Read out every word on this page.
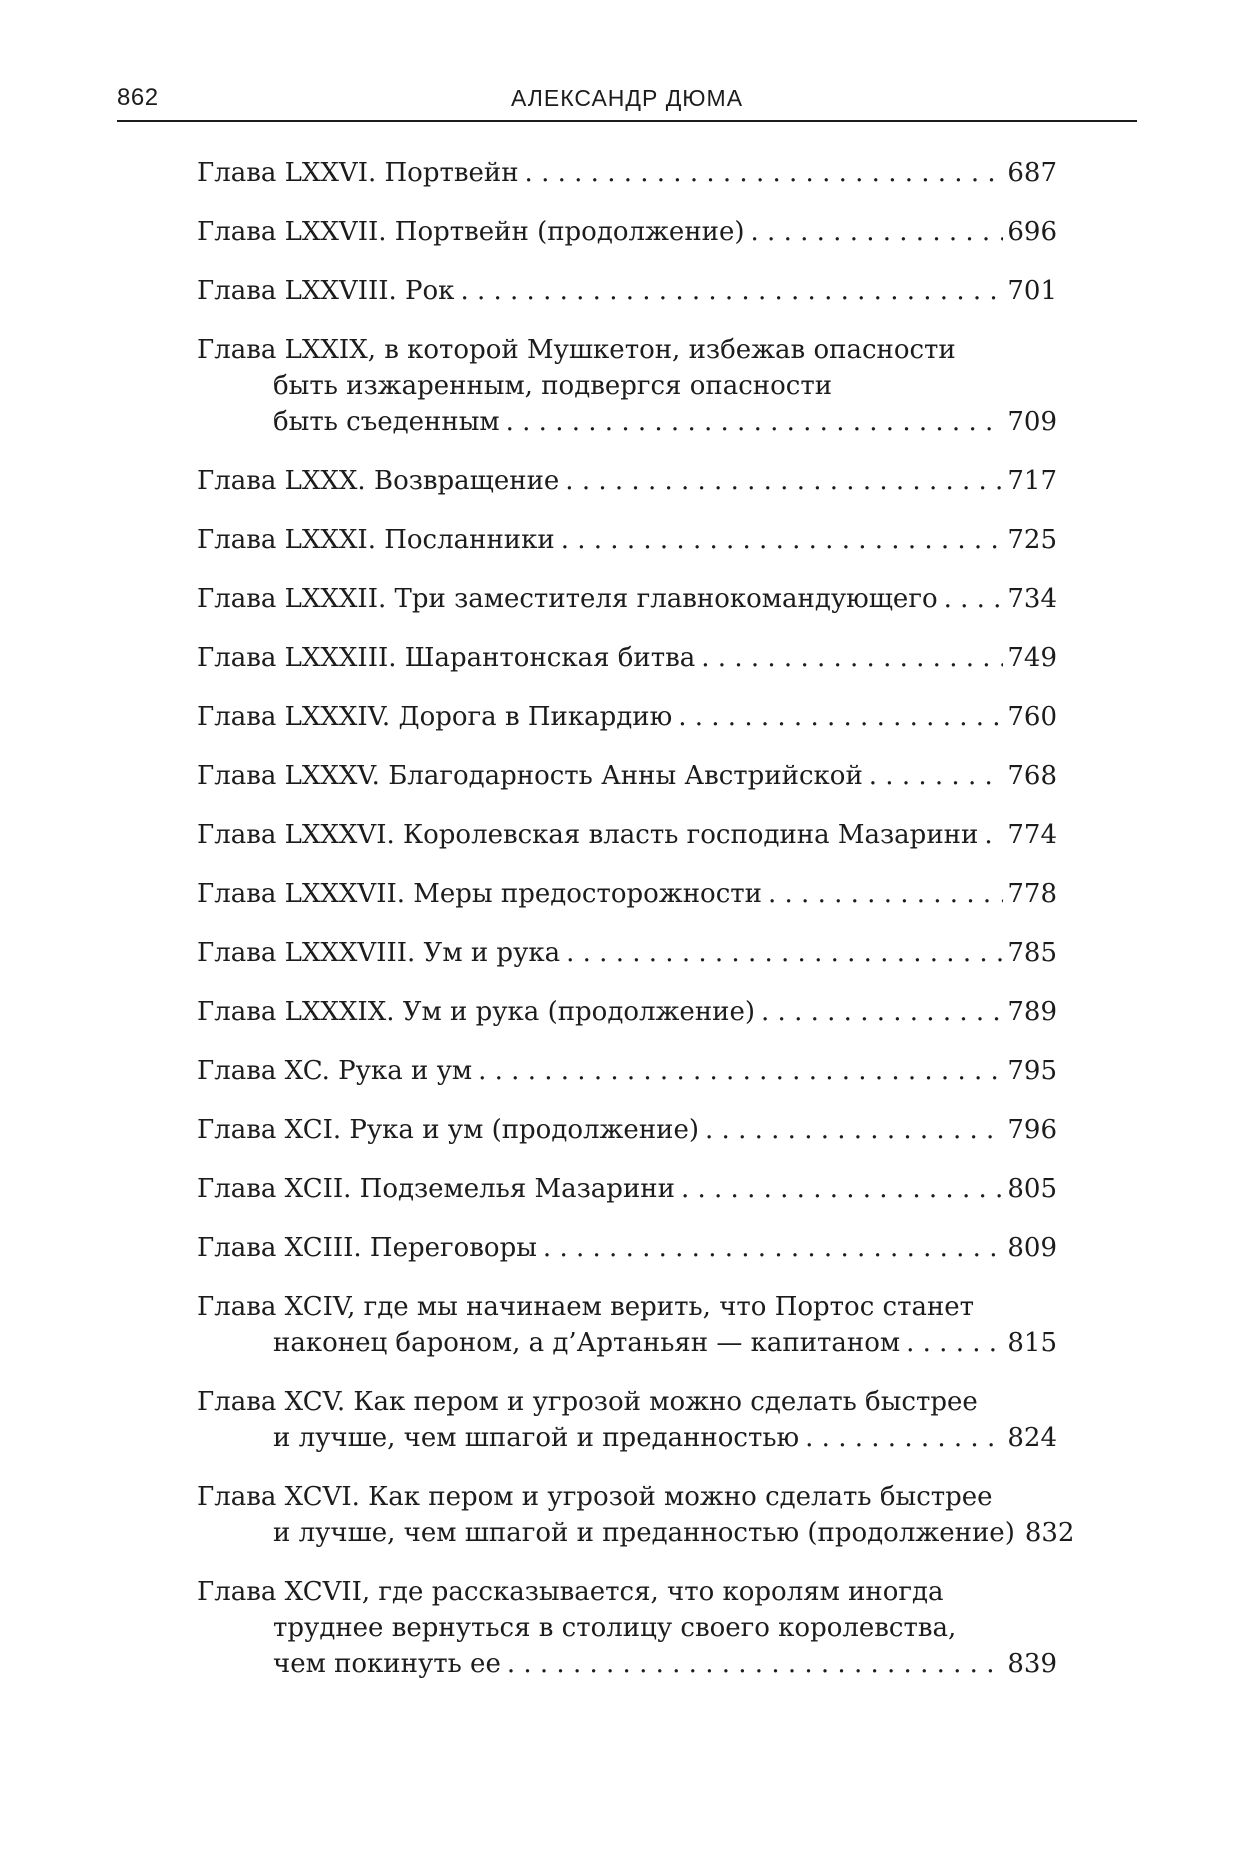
862	АЛЕКСАНДР ДЮМА
Глава LXXVI. Портвейн . . .	687
Глава LXXVII. Портвейн (продолжение) . . .	696
Глава LXXVIII. Рок . . .	701
Глава LXXIX, в которой Мушкетон, избежав опасности
быть изжаренным, подвергся опасности
быть съеденным . . .	709
Глава LXXX. Возвращение . . .	717
Глава LXXXI. Посланники . . .	725
Глава LXXXII. Три заместителя главнокомандующего . . .	734
Глава LXXXIII. Шарантонская битва . . .	749
Глава LXXXIV. Дорога в Пикардию . . .	760
Глава LXXXV. Благодарность Анны Австрийской . . .	768
Глава LXXXVI. Королевская власть господина Мазарини . . . 774
Глава LXXXVII. Меры предосторожности . . .	778
Глава LXXXVIII. Ум и рука . . .	785
Глава LXXXIX. Ум и рука (продолжение) . . .	789
Глава XC. Рука и ум . . .	795
Глава XCI. Рука и ум (продолжение) . . .	796
Глава XCII. Подземелья Мазарини . . .	805
Глава XCIII. Переговоры . . .	809
Глава XCIV, где мы начинаем верить, что Портос станет
наконец бароном, а д’Артаньян — капитаном . . .	815
Глава XCV. Как пером и угрозой можно сделать быстрее
и лучше, чем шпагой и преданностью . . .	824
Глава XCVI. Как пером и угрозой можно сделать быстрее
и лучше, чем шпагой и преданностью (продолжение) 832
Глава XCVII, где рассказывается, что королям иногда
труднее вернуться в столицу своего королевства,
чем покинуть ее . . .	839
